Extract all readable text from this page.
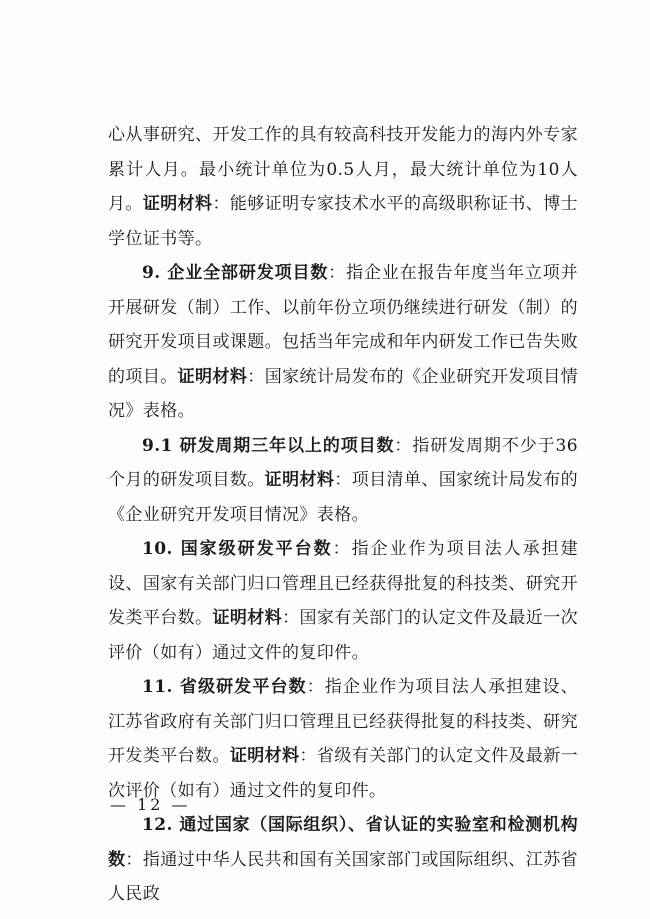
心从事研究、开发工作的具有较高科技开发能力的海内外专家累计人月。最小统计单位为0.5人月，最大统计单位为10人月。证明材料：能够证明专家技术水平的高级职称证书、博士学位证书等。

9. 企业全部研发项目数：指企业在报告年度当年立项并开展研发（制）工作、以前年份立项仍继续进行研发（制）的研究开发项目或课题。包括当年完成和年内研发工作已告失败的项目。证明材料：国家统计局发布的《企业研究开发项目情况》表格。

9.1 研发周期三年以上的项目数：指研发周期不少于36个月的研发项目数。证明材料：项目清单、国家统计局发布的《企业研究开发项目情况》表格。

10. 国家级研发平台数：指企业作为项目法人承担建设、国家有关部门归口管理且已经获得批复的科技类、研究开发类平台数。证明材料：国家有关部门的认定文件及最近一次评价（如有）通过文件的复印件。

11. 省级研发平台数：指企业作为项目法人承担建设、江苏省政府有关部门归口管理且已经获得批复的科技类、研究开发类平台数。证明材料：省级有关部门的认定文件及最新一次评价（如有）通过文件的复印件。

12. 通过国家（国际组织）、省认证的实验室和检测机构数：指通过中华人民共和国有关国家部门或国际组织、江苏省人民政

— 12 —
